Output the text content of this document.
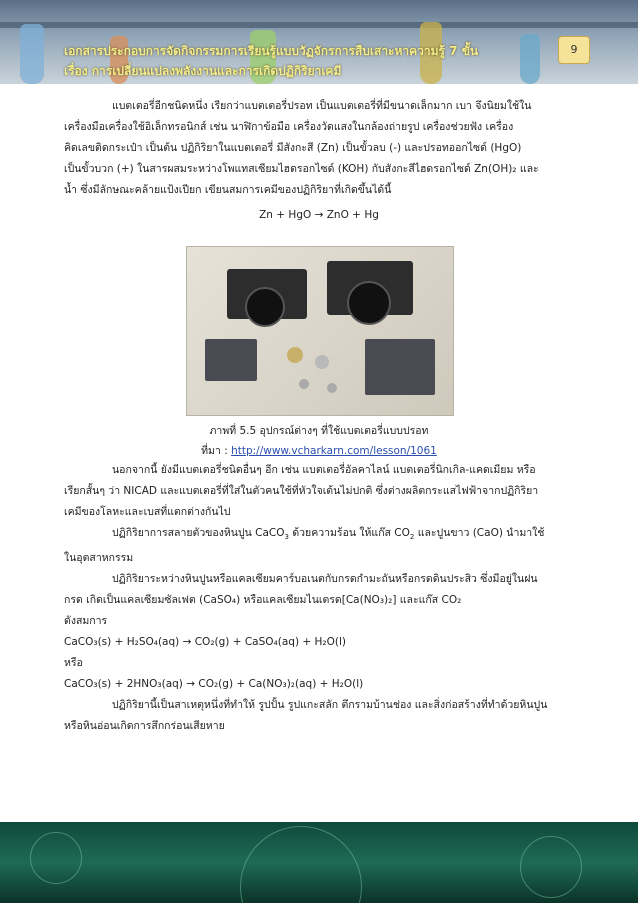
เอกสารประกอบการจัดกิจกรรมการเรียนรู้แบบวัฏจักรการสืบเสาะหาความรู้ 7 ขั้น
เรื่อง การเปลี่ยนแปลงพลังงานและการเกิดปฏิกิริยาเคมี
9

แบตเตอรี่อีกชนิดหนึ่ง เรียกว่าแบตเตอรี่ปรอท เป็นแบตเตอรี่ที่มีขนาดเล็กมาก เบา จึงนิยมใช้ใน

เครื่องมือเครื่องใช้อิเล็กทรอนิกส์ เช่น นาฬิกาข้อมือ เครื่องวัดแสงในกล้องถ่ายรูป เครื่องช่วยฟัง เครื่อง

คิดเลขติดกระเป๋า เป็นต้น ปฏิกิริยาในแบตเตอรี่ มีสังกะสี (Zn) เป็นขั้วลบ (-) และปรอทออกไซด์ (HgO)

เป็นขั้วบวก (+) ในสารผสมระหว่างโพแทสเซียมไฮดรอกไซด์ (KOH) กับสังกะสีไฮดรอกไซด์ Zn(OH)₂ และ

น้ำ ซึ่งมีลักษณะคล้ายแป้งเปียก เขียนสมการเคมีของปฏิกิริยาที่เกิดขึ้นได้นี้

Zn + HgO → ZnO + Hg

ภาพที่ 5.5 อุปกรณ์ต่างๆ ที่ใช้แบตเตอรี่แบบปรอท
ที่มา : http://www.vcharkarn.com/lesson/1061

นอกจากนี้ ยังมีแบตเตอรี่ชนิดอื่นๆ อีก เช่น แบตเตอรี่อัลคาไลน์ แบตเตอรี่นิกเกิล-แคดเมียม หรือ

เรียกสั้นๆ ว่า NICAD และแบตเตอรี่ที่ใส่ในตัวคนใช้ที่หัวใจเต้นไม่ปกติ ซึ่งต่างผลิตกระแสไฟฟ้าจากปฏิกิริยา

เคมีของโลหะและเบสที่แตกต่างกันไป

ปฏิกิริยาการสลายตัวของหินปูน CaCO$_3$ ด้วยความร้อน ให้แก๊ส $CO_2$ และปูนขาว (CaO) นำมาใช้

ในอุตสาหกรรม

ปฏิกิริยาระหว่างหินปูนหรือแคลเซียมคาร์บอเนตกับกรดกำมะถันหรือกรดดินประสิว ซึ่งมีอยู่ในฝน

กรด เกิดเป็นแคลเซียมซัลเฟต (CaSO₄) หรือแคลเซียมไนเตรด[Ca(NO₃)₂] และแก๊ส CO₂

ดังสมการ

CaCO₃(s) + H₂SO₄(aq) → CO₂(g) + CaSO₄(aq) + H₂O(l)

หรือ

CaCO₃(s) + 2HNO₃(aq) → CO₂(g) + Ca(NO₃)₂(aq) + H₂O(l)

ปฏิกิริยานี้เป็นสาเหตุหนึ่งที่ทำให้ รูปปั้น รูปแกะสลัก ตึกรามบ้านช่อง และสิ่งก่อสร้างที่ทำด้วยหินปูน

หรือหินอ่อนเกิดการสึกกร่อนเสียหาย
